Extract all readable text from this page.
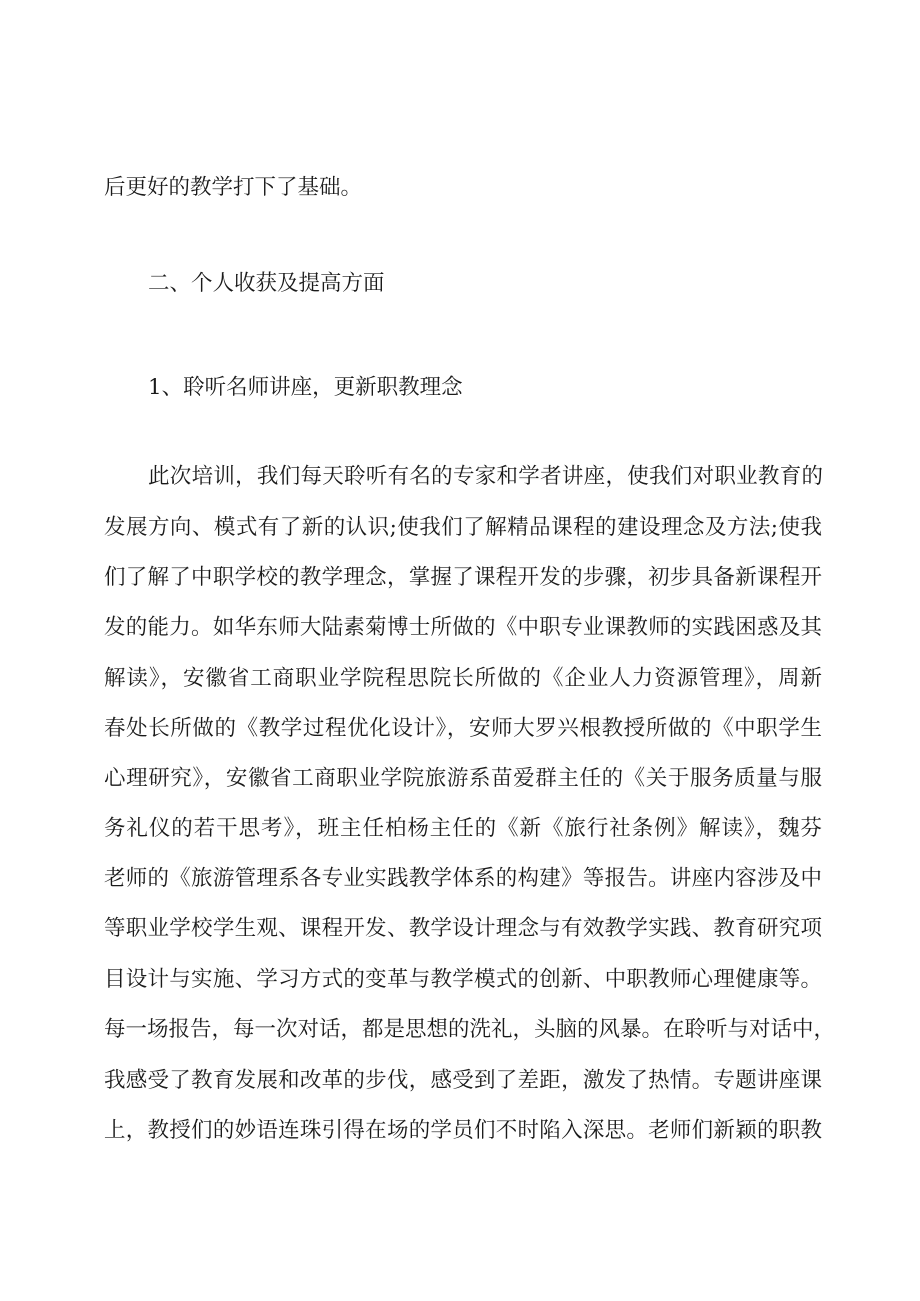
后更好的教学打下了基础。

二、个人收获及提高方面

1、聆听名师讲座，更新职教理念

此次培训，我们每天聆听有名的专家和学者讲座，使我们对职业教育的

发展方向、模式有了新的认识;使我们了解精品课程的建设理念及方法;使我

们了解了中职学校的教学理念，掌握了课程开发的步骤，初步具备新课程开

发的能力。如华东师大陆素菊博士所做的《中职专业课教师的实践困惑及其

解读》，安徽省工商职业学院程思院长所做的《企业人力资源管理》，周新

春处长所做的《教学过程优化设计》，安师大罗兴根教授所做的《中职学生

心理研究》，安徽省工商职业学院旅游系苗爱群主任的《关于服务质量与服

务礼仪的若干思考》，班主任柏杨主任的《新《旅行社条例》解读》，魏芬

老师的《旅游管理系各专业实践教学体系的构建》等报告。讲座内容涉及中

等职业学校学生观、课程开发、教学设计理念与有效教学实践、教育研究项

目设计与实施、学习方式的变革与教学模式的创新、中职教师心理健康等。

每一场报告，每一次对话，都是思想的洗礼，头脑的风暴。在聆听与对话中，

我感受了教育发展和改革的步伐，感受到了差距，激发了热情。专题讲座课

上，教授们的妙语连珠引得在场的学员们不时陷入深思。老师们新颖的职教
